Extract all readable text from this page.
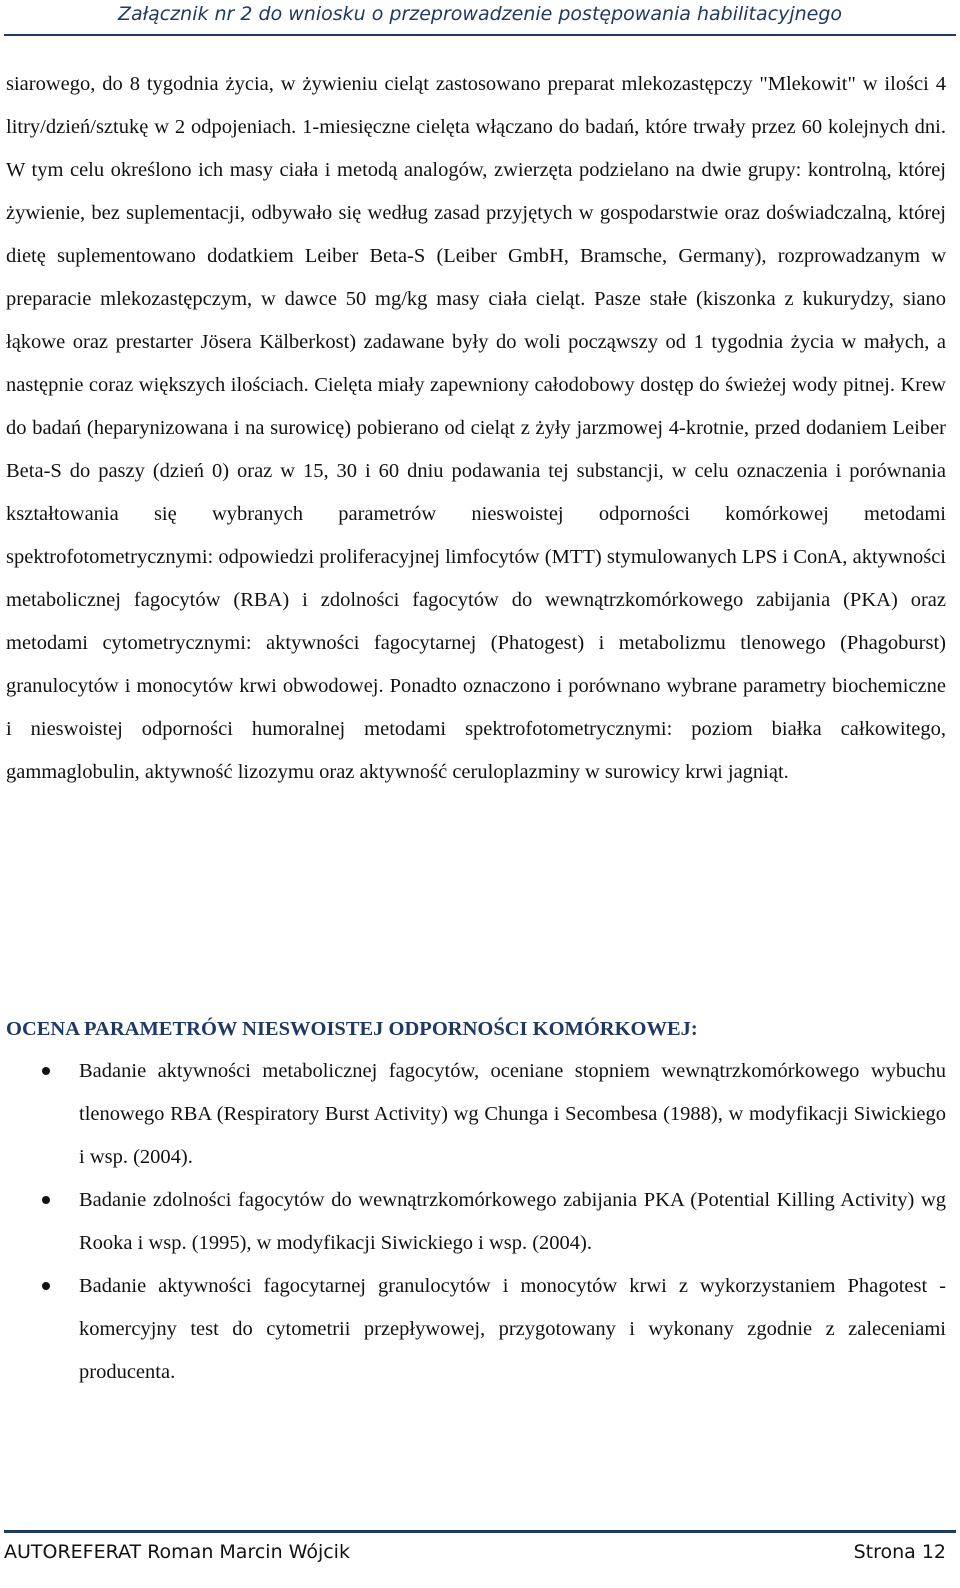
Załącznik nr 2 do wniosku o przeprowadzenie postępowania habilitacyjnego

siarowego, do 8 tygodnia życia, w żywieniu cieląt zastosowano preparat mlekozastępczy "Mlekowit" w ilości 4 litry/dzień/sztukę w 2 odpojeniach. 1-miesięczne cielęta włączano do badań, które trwały przez 60 kolejnych dni. W tym celu określono ich masy ciała i metodą analogów, zwierzęta podzielano na dwie grupy: kontrolną, której żywienie, bez suplementacji, odbywało się według zasad przyjętych w gospodarstwie oraz doświadczalną, której dietę suplementowano dodatkiem Leiber Beta-S (Leiber GmbH, Bramsche, Germany), rozprowadzanym w preparacie mlekozastępczym, w dawce 50 mg/kg masy ciała cieląt. Pasze stałe (kiszonka z kukurydzy, siano łąkowe oraz prestarter Jösera Kälberkost) zadawane były do woli począwszy od 1 tygodnia życia w małych, a następnie coraz większych ilościach. Cielęta miały zapewniony całodobowy dostęp do świeżej wody pitnej. Krew do badań (heparynizowana i na surowicę) pobierano od cieląt z żyły jarzmowej 4-krotnie, przed dodaniem Leiber Beta-S do paszy (dzień 0) oraz w 15, 30 i 60 dniu podawania tej substancji, w celu oznaczenia i porównania kształtowania się wybranych parametrów nieswoistej odporności komórkowej metodami spektrofotometrycznymi: odpowiedzi proliferacyjnej limfocytów (MTT) stymulowanych LPS i ConA, aktywności metabolicznej fagocytów (RBA) i zdolności fagocytów do wewnątrzkomórkowego zabijania (PKA) oraz metodami cytometrycznymi: aktywności fagocytarnej (Phatogest) i metabolizmu tlenowego (Phagoburst) granulocytów i monocytów krwi obwodowej. Ponadto oznaczono i porównano wybrane parametry biochemiczne i nieswoistej odporności humoralnej metodami spektrofotometrycznymi: poziom białka całkowitego, gammaglobulin, aktywność lizozymu oraz aktywność ceruloplazminy w surowicy krwi jagniąt.

OCENA PARAMETRÓW NIESWOISTEJ ODPORNOŚCI KOMÓRKOWEJ:
Badanie aktywności metabolicznej fagocytów, oceniane stopniem wewnątrzkomórkowego wybuchu tlenowego RBA (Respiratory Burst Activity) wg Chunga i Secombesa (1988), w modyfikacji Siwickiego i wsp. (2004).
Badanie zdolności fagocytów do wewnątrzkomórkowego zabijania PKA (Potential Killing Activity) wg Rooka i wsp. (1995), w modyfikacji Siwickiego i wsp. (2004).
Badanie aktywności fagocytarnej granulocytów i monocytów krwi z wykorzystaniem Phagotest - komercyjny test do cytometrii przepływowej, przygotowany i wykonany zgodnie z zaleceniami producenta.
AUTOREFERAT Roman Marcin Wójcik	Strona 12
